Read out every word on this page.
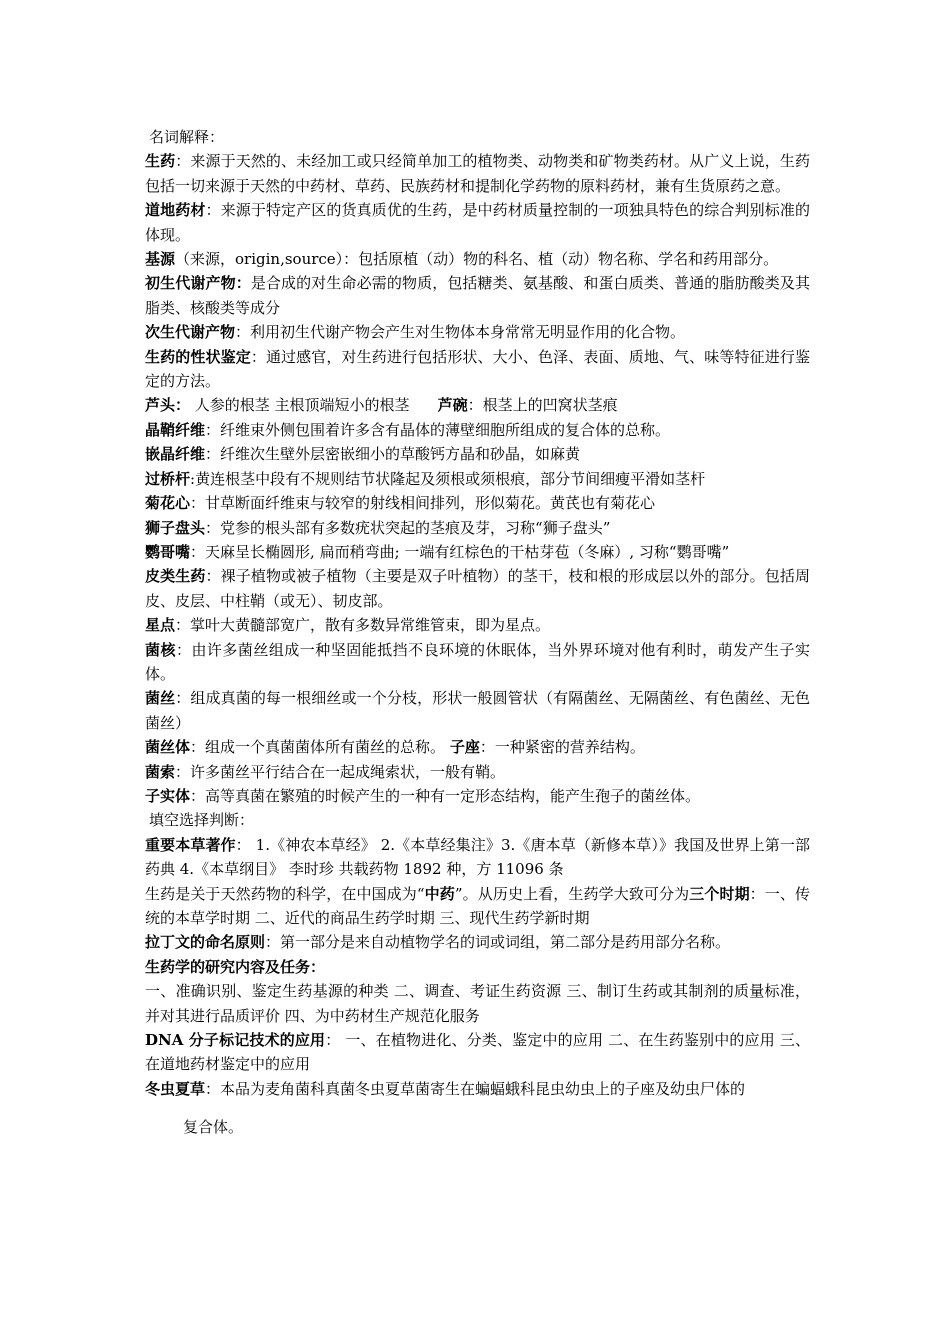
名词解释：
生药：来源于天然的、未经加工或只经简单加工的植物类、动物类和矿物类药材。从广义上说，生药包括一切来源于天然的中药材、草药、民族药材和提制化学药物的原料药材，兼有生货原药之意。
道地药材：来源于特定产区的货真质优的生药，是中药材质量控制的一项独具特色的综合判别标准的体现。
基源（来源，origin,source）：包括原植（动）物的科名、植（动）物名称、学名和药用部分。
初生代谢产物：是合成的对生命必需的物质，包括糖类、氨基酸、和蛋白质类、普通的脂肪酸类及其脂类、核酸类等成分
次生代谢产物：利用初生代谢产物会产生对生物体本身常常无明显作用的化合物。
生药的性状鉴定：通过感官，对生药进行包括形状、大小、色泽、表面、质地、气、味等特征进行鉴定的方法。
芦头： 人参的根茎 主根顶端短小的根茎 芦碗：根茎上的凹窝状茎痕
晶鞘纤维：纤维束外侧包围着许多含有晶体的薄壁细胞所组成的复合体的总称。
嵌晶纤维：纤维次生壁外层密嵌细小的草酸钙方晶和砂晶，如麻黄
过桥杆:黄连根茎中段有不规则结节状隆起及须根或须根痕，部分节间细瘦平滑如茎杆
菊花心：甘草断面纤维束与较窄的射线相间排列，形似菊花。黄芪也有菊花心
狮子盘头：党参的根头部有多数疣状突起的茎痕及芽，习称“狮子盘头”
鹦哥嘴：天麻呈长椭圆形, 扁而稍弯曲; 一端有红棕色的干枯芽苞（冬麻）, 习称“鹦哥嘴”
皮类生药：裸子植物或被子植物（主要是双子叶植物）的茎干，枝和根的形成层以外的部分。包括周皮、皮层、中柱鞘（或无）、韧皮部。
星点：掌叶大黄髓部宽广，散有多数异常维管束，即为星点。
菌核：由许多菌丝组成一种坚固能抵挡不良环境的休眠体，当外界环境对他有利时，萌发产生子实体。
菌丝：组成真菌的每一根细丝或一个分枝，形状一般圆管状（有隔菌丝、无隔菌丝、有色菌丝、无色菌丝）
菌丝体：组成一个真菌菌体所有菌丝的总称。 子座：一种紧密的营养结构。
菌索：许多菌丝平行结合在一起成绳索状，一般有鞘。
子实体：高等真菌在繁殖的时候产生的一种有一定形态结构，能产生孢子的菌丝体。
填空选择判断：
重要本草著作： 1.《神农本草经》 2.《本草经集注》3.《唐本草（新修本草）》我国及世界上第一部药典 4.《本草纲目》 李时珍 共载药物 1892 种，方 11096 条
生药是关于天然药物的科学，在中国成为“中药”。从历史上看，生药学大致可分为三个时期：一、传统的本草学时期 二、近代的商品生药学时期 三、现代生药学新时期
拉丁文的命名原则：第一部分是来自动植物学名的词或词组，第二部分是药用部分名称。
生药学的研究内容及任务：
一、准确识别、鉴定生药基源的种类 二、调查、考证生药资源 三、制订生药或其制剂的质量标准，并对其进行品质评价 四、为中药材生产规范化服务
DNA 分子标记技术的应用： 一、在植物进化、分类、鉴定中的应用 二、在生药鉴别中的应用 三、在道地药材鉴定中的应用
冬虫夏草：本品为麦角菌科真菌冬虫夏草菌寄生在蝙蝠蛾科昆虫幼虫上的子座及幼虫尸体的
复合体。
